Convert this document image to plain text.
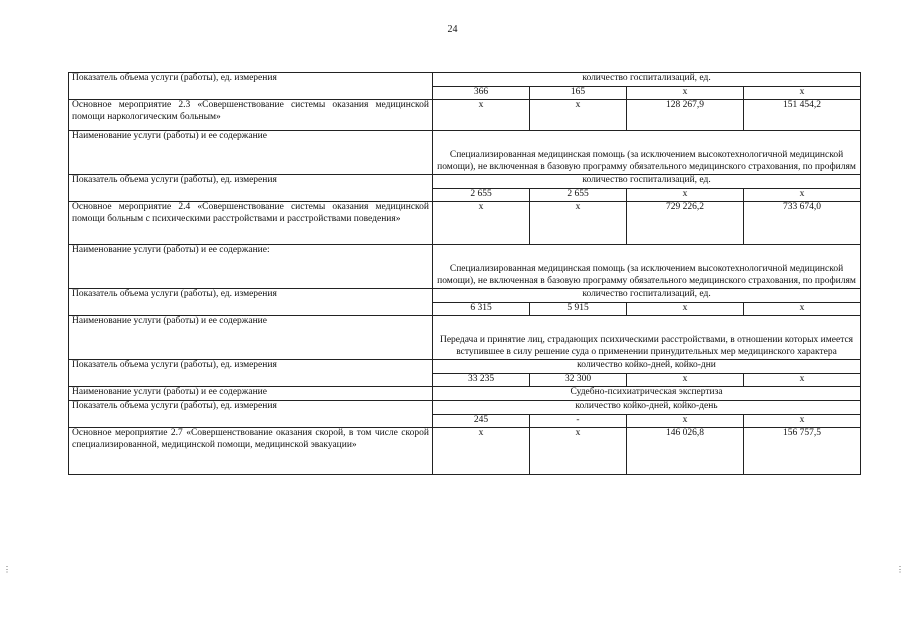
24
Показатель объема услуги (работы), ед. измерения	количество госпитализаций, ед.			
	366	165	х	х
Основное мероприятие 2.3 «Совершенствование системы оказания медицинской помощи наркологическим больным»	х	х	128 267,9	151 454,2
Наименование услуги (работы) и ее содержание	Специализированная медицинская помощь (за исключением высокотехнологичной медицинской помощи), не включенная в базовую программу обязательного медицинского страхования, по профилям			
Показатель объема услуги (работы), ед. измерения	количество госпитализаций, ед.			
	2 655	2 655	х	х
Основное мероприятие 2.4 «Совершенствование системы оказания медицинской помощи больным с психическими расстройствами и расстройствами поведения»	х	х	729 226,2	733 674,0
Наименование услуги (работы) и ее содержание:	Специализированная медицинская помощь (за исключением высокотехнологичной медицинской помощи), не включенная в базовую программу обязательного медицинского страхования, по профилям			
Показатель объема услуги (работы), ед. измерения	количество госпитализаций, ед.			
	6 315	5 915	х	х
Наименование услуги (работы) и ее содержание	Передача и принятие лиц, страдающих психическими расстройствами, в отношении которых имеется вступившее в силу решение суда о применении принудительных мер медицинского характера			
Показатель объема услуги (работы), ед. измерения	количество койко-дней, койко-дни			
	33 235	32 300	х	х
Наименование услуги (работы) и ее содержание	Судебно-психиатрическая экспертиза			
Показатель объема услуги (работы), ед. измерения	количество койко-дней, койко-день			
	245	-	х	х
Основное мероприятие 2.7 «Совершенствование оказания скорой, в том числе скорой специализированной, медицинской помощи, медицинской эвакуации»	х	х	146 026,8	156 757,5
⋮	⋮
